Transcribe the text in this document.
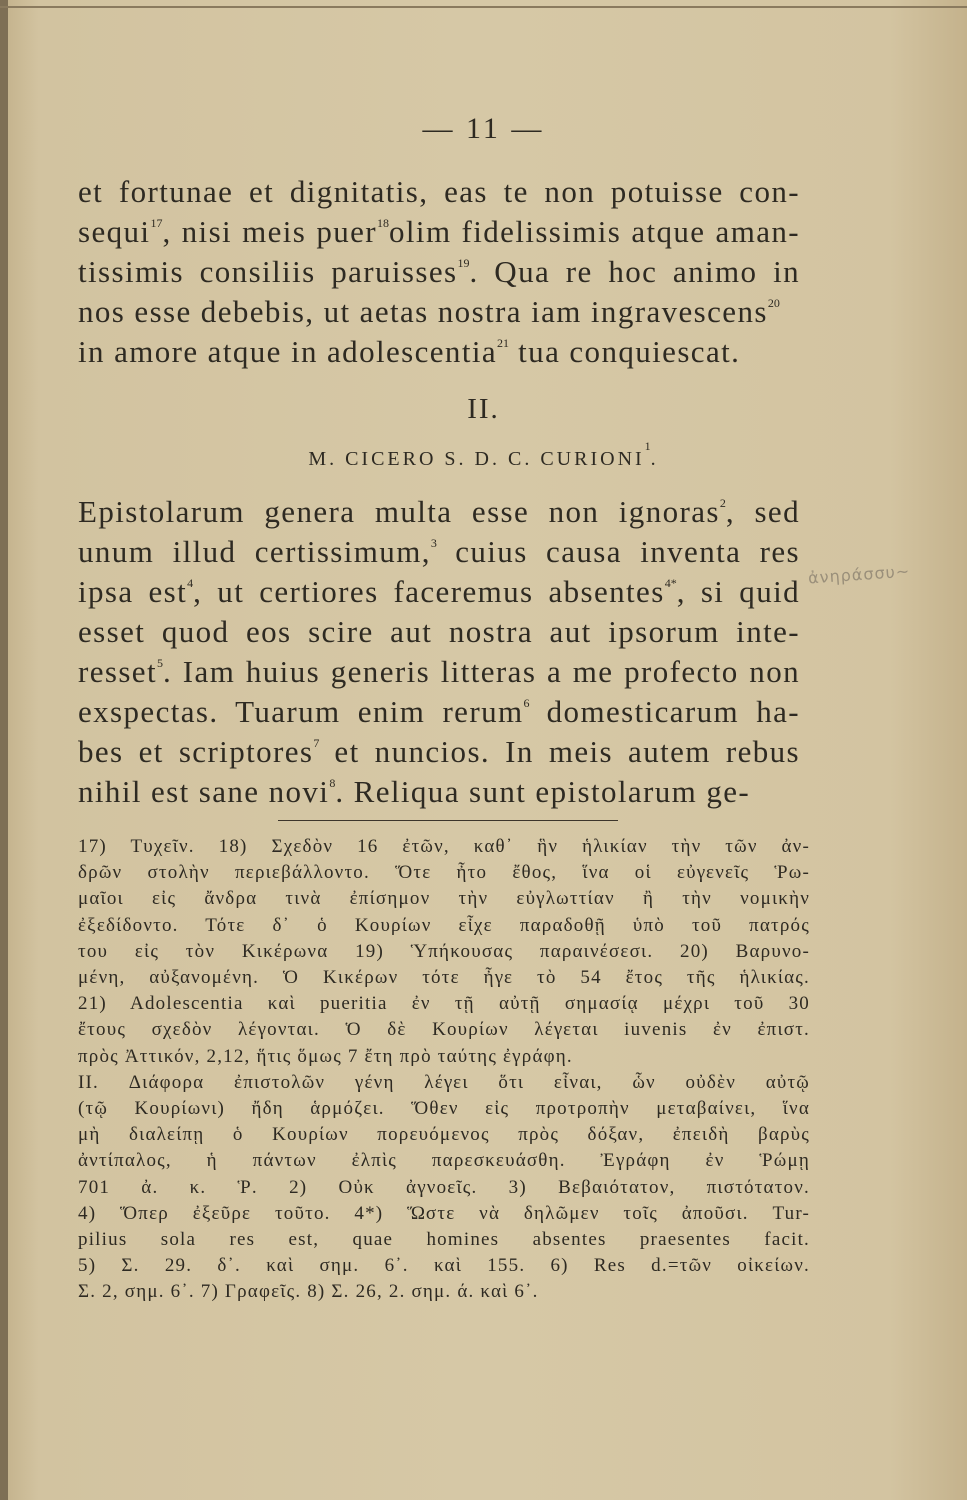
— 11 —
et fortunae et dignitatis, eas te non potuisse con-
sequi$^{17}$, nisi meis puer$^{18}$olim fidelissimis atque aman-
tissimis consiliis paruisses$^{19}$. Qua re hoc animo in
nos esse debebis, ut aetas nostra iam ingravescens$^{20}$
in amore atque in adolescentia$^{21}$ tua conquiescat.
II.
M. CICERO S. D. C. CURIONI$^1$.
Epistolarum genera multa esse non ignoras$^2$, sed
unum illud certissimum,$^3$ cuius causa inventa res
ipsa est$^4$, ut certiores faceremus absentes$^{4*}$, si quid
esset quod eos scire aut nostra aut ipsorum inte-
resset$^5$. Iam huius generis litteras a me profecto non
exspectas. Tuarum enim rerum$^6$ domesticarum ha-
bes et scriptores$^7$ et nuncios. In meis autem rebus
nihil est sane novi$^8$. Reliqua sunt epistolarum ge-
17) Τυχεῖν. 18) Σχεδὸν 16 ἐτῶν, καθ᾽ ἣν ἡλικίαν τὴν τῶν ἀν-
δρῶν στολὴν περιεβάλλοντο. Ὅτε ἦτο ἔθος, ἵνα οἱ εὐγενεῖς Ῥω-
μαῖοι εἰς ἄνδρα τινὰ ἐπίσημον τὴν εὐγλωττίαν ἢ τὴν νομικὴν
ἐξεδίδοντο. Τότε δ᾽ ὁ Κουρίων εἶχε παραδοθῇ ὑπὸ τοῦ πατρός
του εἰς τὸν Κικέρωνα 19) Ὑπήκουσας παραινέσεσι. 20) Βαρυνο-
μένη, αὐξανομένη. Ὁ Κικέρων τότε ἦγε τὸ 54 ἔτος τῆς ἡλικίας.
21) Adolescentia καὶ pueritia ἐν τῇ αὐτῇ σημασίᾳ μέχρι τοῦ 30
ἔτους σχεδὸν λέγονται. Ὁ δὲ Κουρίων λέγεται iuvenis ἐν ἐπιστ.
πρὸς Ἀττικόν, 2,12, ἥτις ὅμως 7 ἔτη πρὸ ταύτης ἐγράφη.
II. Διάφορα ἐπιστολῶν γένη λέγει ὅτι εἶναι, ὧν οὐδὲν αὐτῷ
(τῷ Κουρίωνι) ἤδη ἁρμόζει. Ὅθεν εἰς προτροπὴν μεταβαίνει, ἵνα
μὴ διαλείπῃ ὁ Κουρίων πορευόμενος πρὸς δόξαν, ἐπειδὴ βαρὺς
ἀντίπαλος, ἡ πάντων ἐλπὶς παρεσκευάσθη. Ἐγράφη ἐν Ῥώμῃ
701 ἀ. κ. Ῥ. 2) Οὐκ ἀγνοεῖς. 3) Βεβαιότατον, πιστότατον.
4) Ὅπερ ἐξεῦρε τοῦτο. 4*) Ὥστε νὰ δηλῶμεν τοῖς ἀποῦσι. Tur-
pilius sola res est, quae homines absentes praesentes facit.
5) Σ. 29. δ᾽. καὶ σημ. 6᾽. καὶ 155. 6) Res d.=τῶν οἰκείων.
Σ. 2, σημ. 6᾽. 7) Γραφεῖς. 8) Σ. 26, 2. σημ. ά. καὶ 6᾽.
ἀνηράσσυ~
